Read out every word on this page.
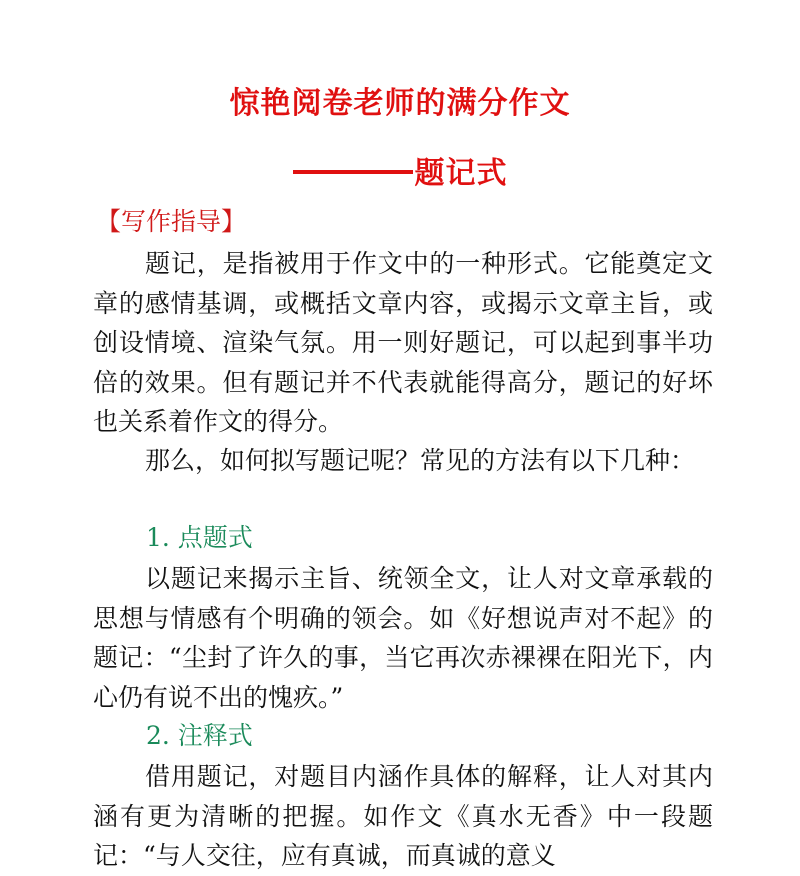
惊艳阅卷老师的满分作文
题记式
【写作指导】

题记，是指被用于作文中的一种形式。它能奠定文章的感情基调，或概括文章内容，或揭示文章主旨，或创设情境、渲染气氛。用一则好题记，可以起到事半功倍的效果。但有题记并不代表就能得高分，题记的好坏也关系着作文的得分。

那么，如何拟写题记呢？常见的方法有以下几种：

1. 点题式

以题记来揭示主旨、统领全文，让人对文章承载的思想与情感有个明确的领会。如《好想说声对不起》的题记：“尘封了许久的事，当它再次赤裸裸在阳光下，内心仍有说不出的愧疚。”

2. 注释式

借用题记，对题目内涵作具体的解释，让人对其内涵有更为清晰的把握。如作文《真水无香》中一段题记：“与人交往，应有真诚，而真诚的意义
